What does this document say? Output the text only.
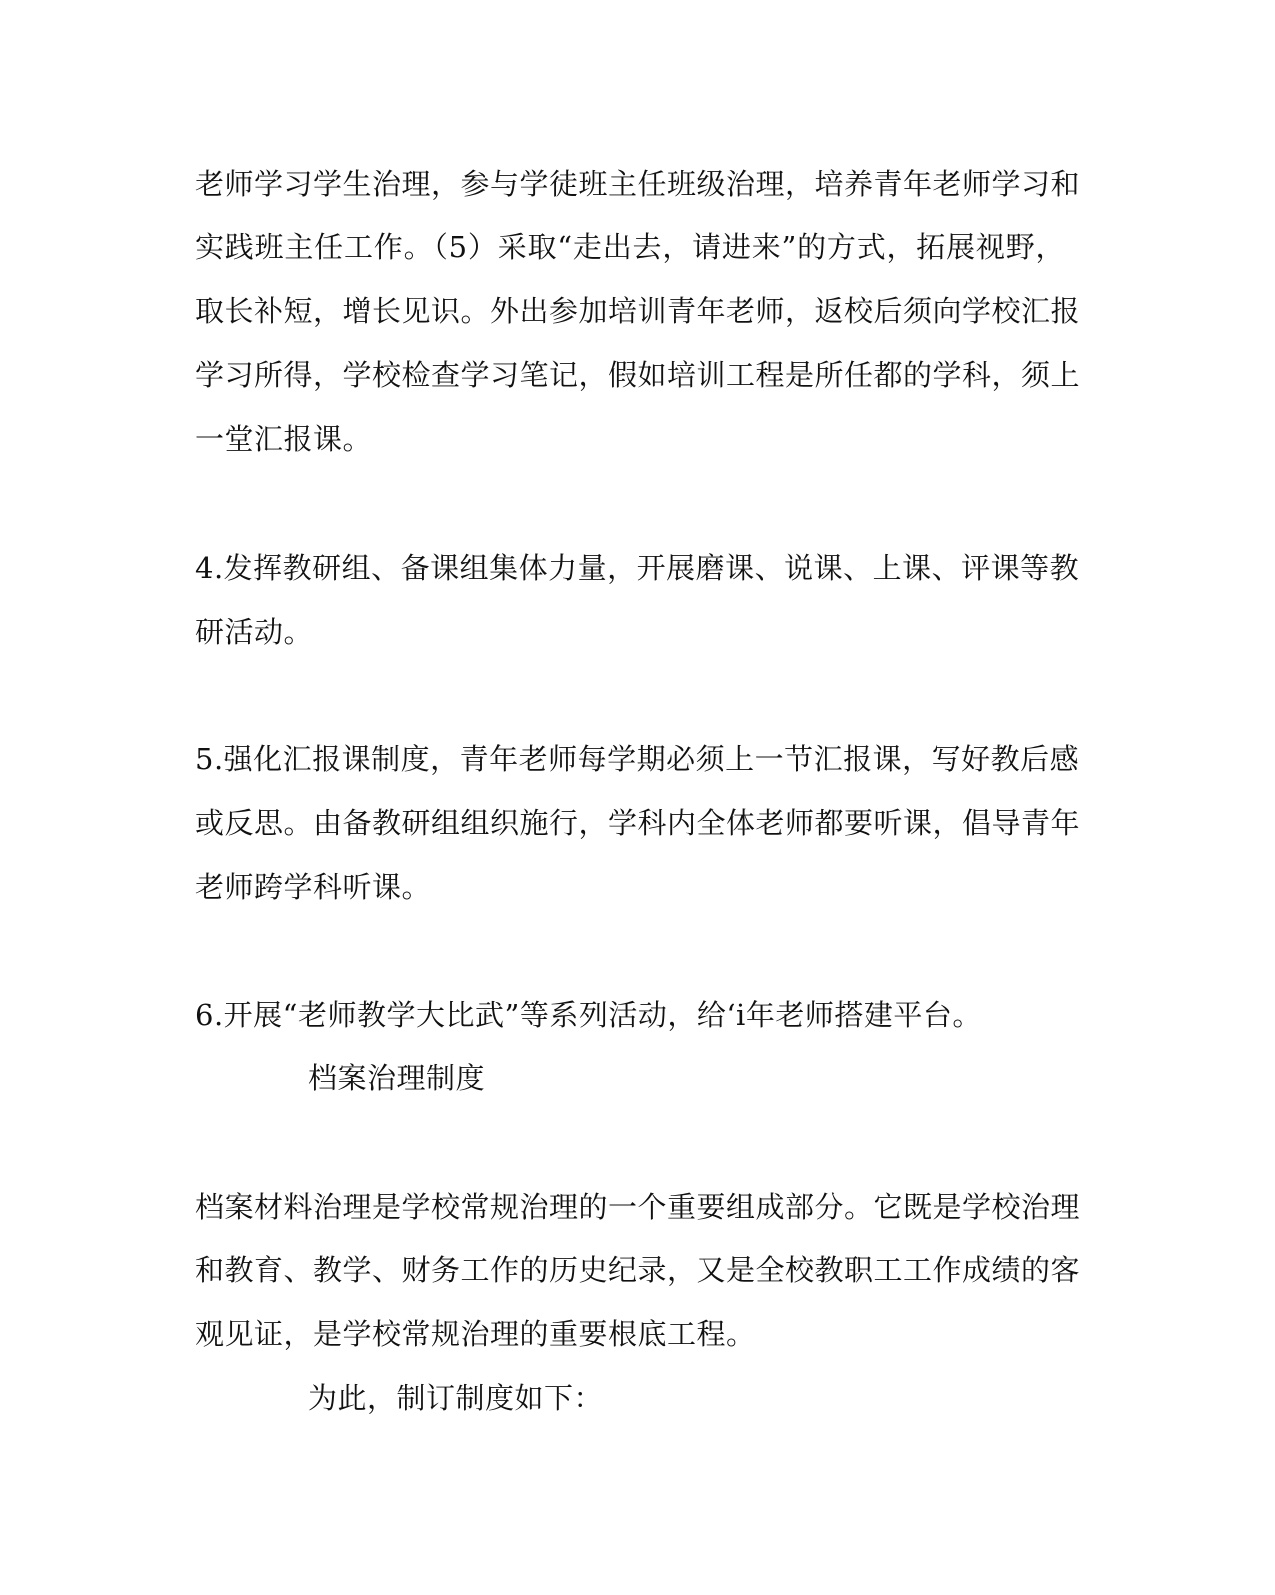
老师学习学生治理，参与学徒班主任班级治理，培养青年老师学习和
实践班主任工作。（5）采取“走出去，请进来”的方式，拓展视野，
取长补短，增长见识。外出参加培训青年老师，返校后须向学校汇报
学习所得，学校检查学习笔记，假如培训工程是所任都的学科，须上
一堂汇报课。
4.发挥教研组、备课组集体力量，开展磨课、说课、上课、评课等教
研活动。
5.强化汇报课制度，青年老师每学期必须上一节汇报课，写好教后感
或反思。由备教研组组织施行，学科内全体老师都要听课，倡导青年
老师跨学科听课。
6.开展“老师教学大比武”等系列活动，给‘i年老师搭建平台。
档案治理制度
档案材料治理是学校常规治理的一个重要组成部分。它既是学校治理
和教育、教学、财务工作的历史纪录，又是全校教职工工作成绩的客
观见证，是学校常规治理的重要根底工程。
为此，制订制度如下：
